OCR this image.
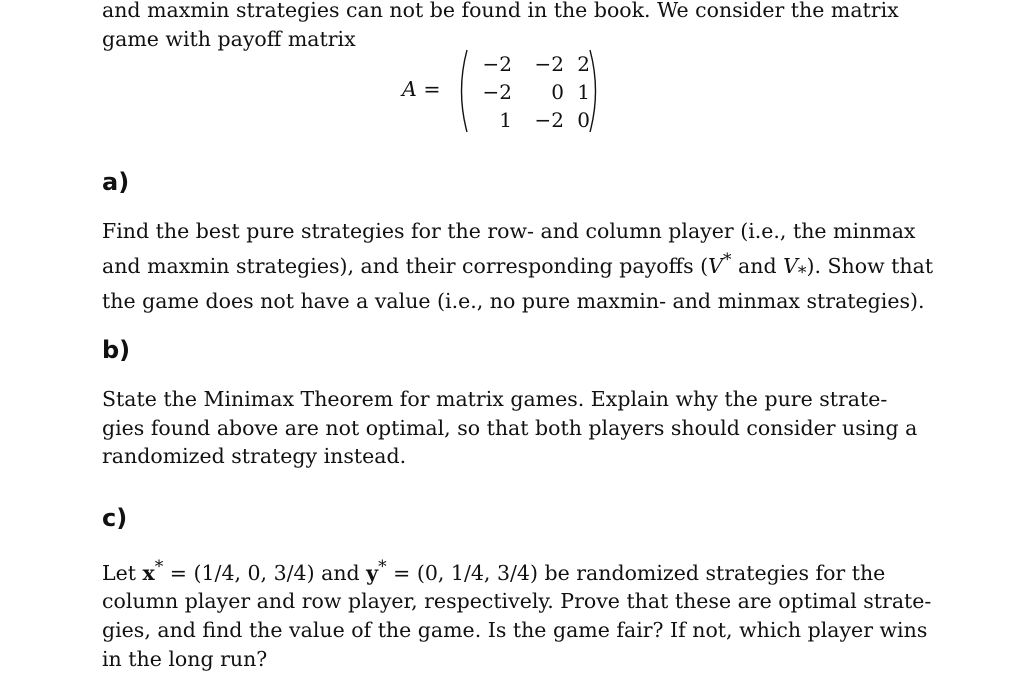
and maxmin strategies can not be found in the book. We consider the matrix
game with payoff matrix

A =
−2	−2 2
−2	0 1
1	−2 0
a)

Find the best pure strategies for the row- and column player (i.e., the minmax
and maxmin strategies), and their corresponding payoffs (V* and $V_*$). Show that
the game does not have a value (i.e., no pure maxmin- and minmax strategies).

b)

State the Minimax Theorem for matrix games. Explain why the pure strate-
gies found above are not optimal, so that both players should consider using a
randomized strategy instead.

c)

Let x* = (1/4, 0, 3/4) and y* = (0, 1/4, 3/4) be randomized strategies for the
column player and row player, respectively. Prove that these are optimal strate-
gies, and find the value of the game. Is the game fair? If not, which player wins
in the long run?
